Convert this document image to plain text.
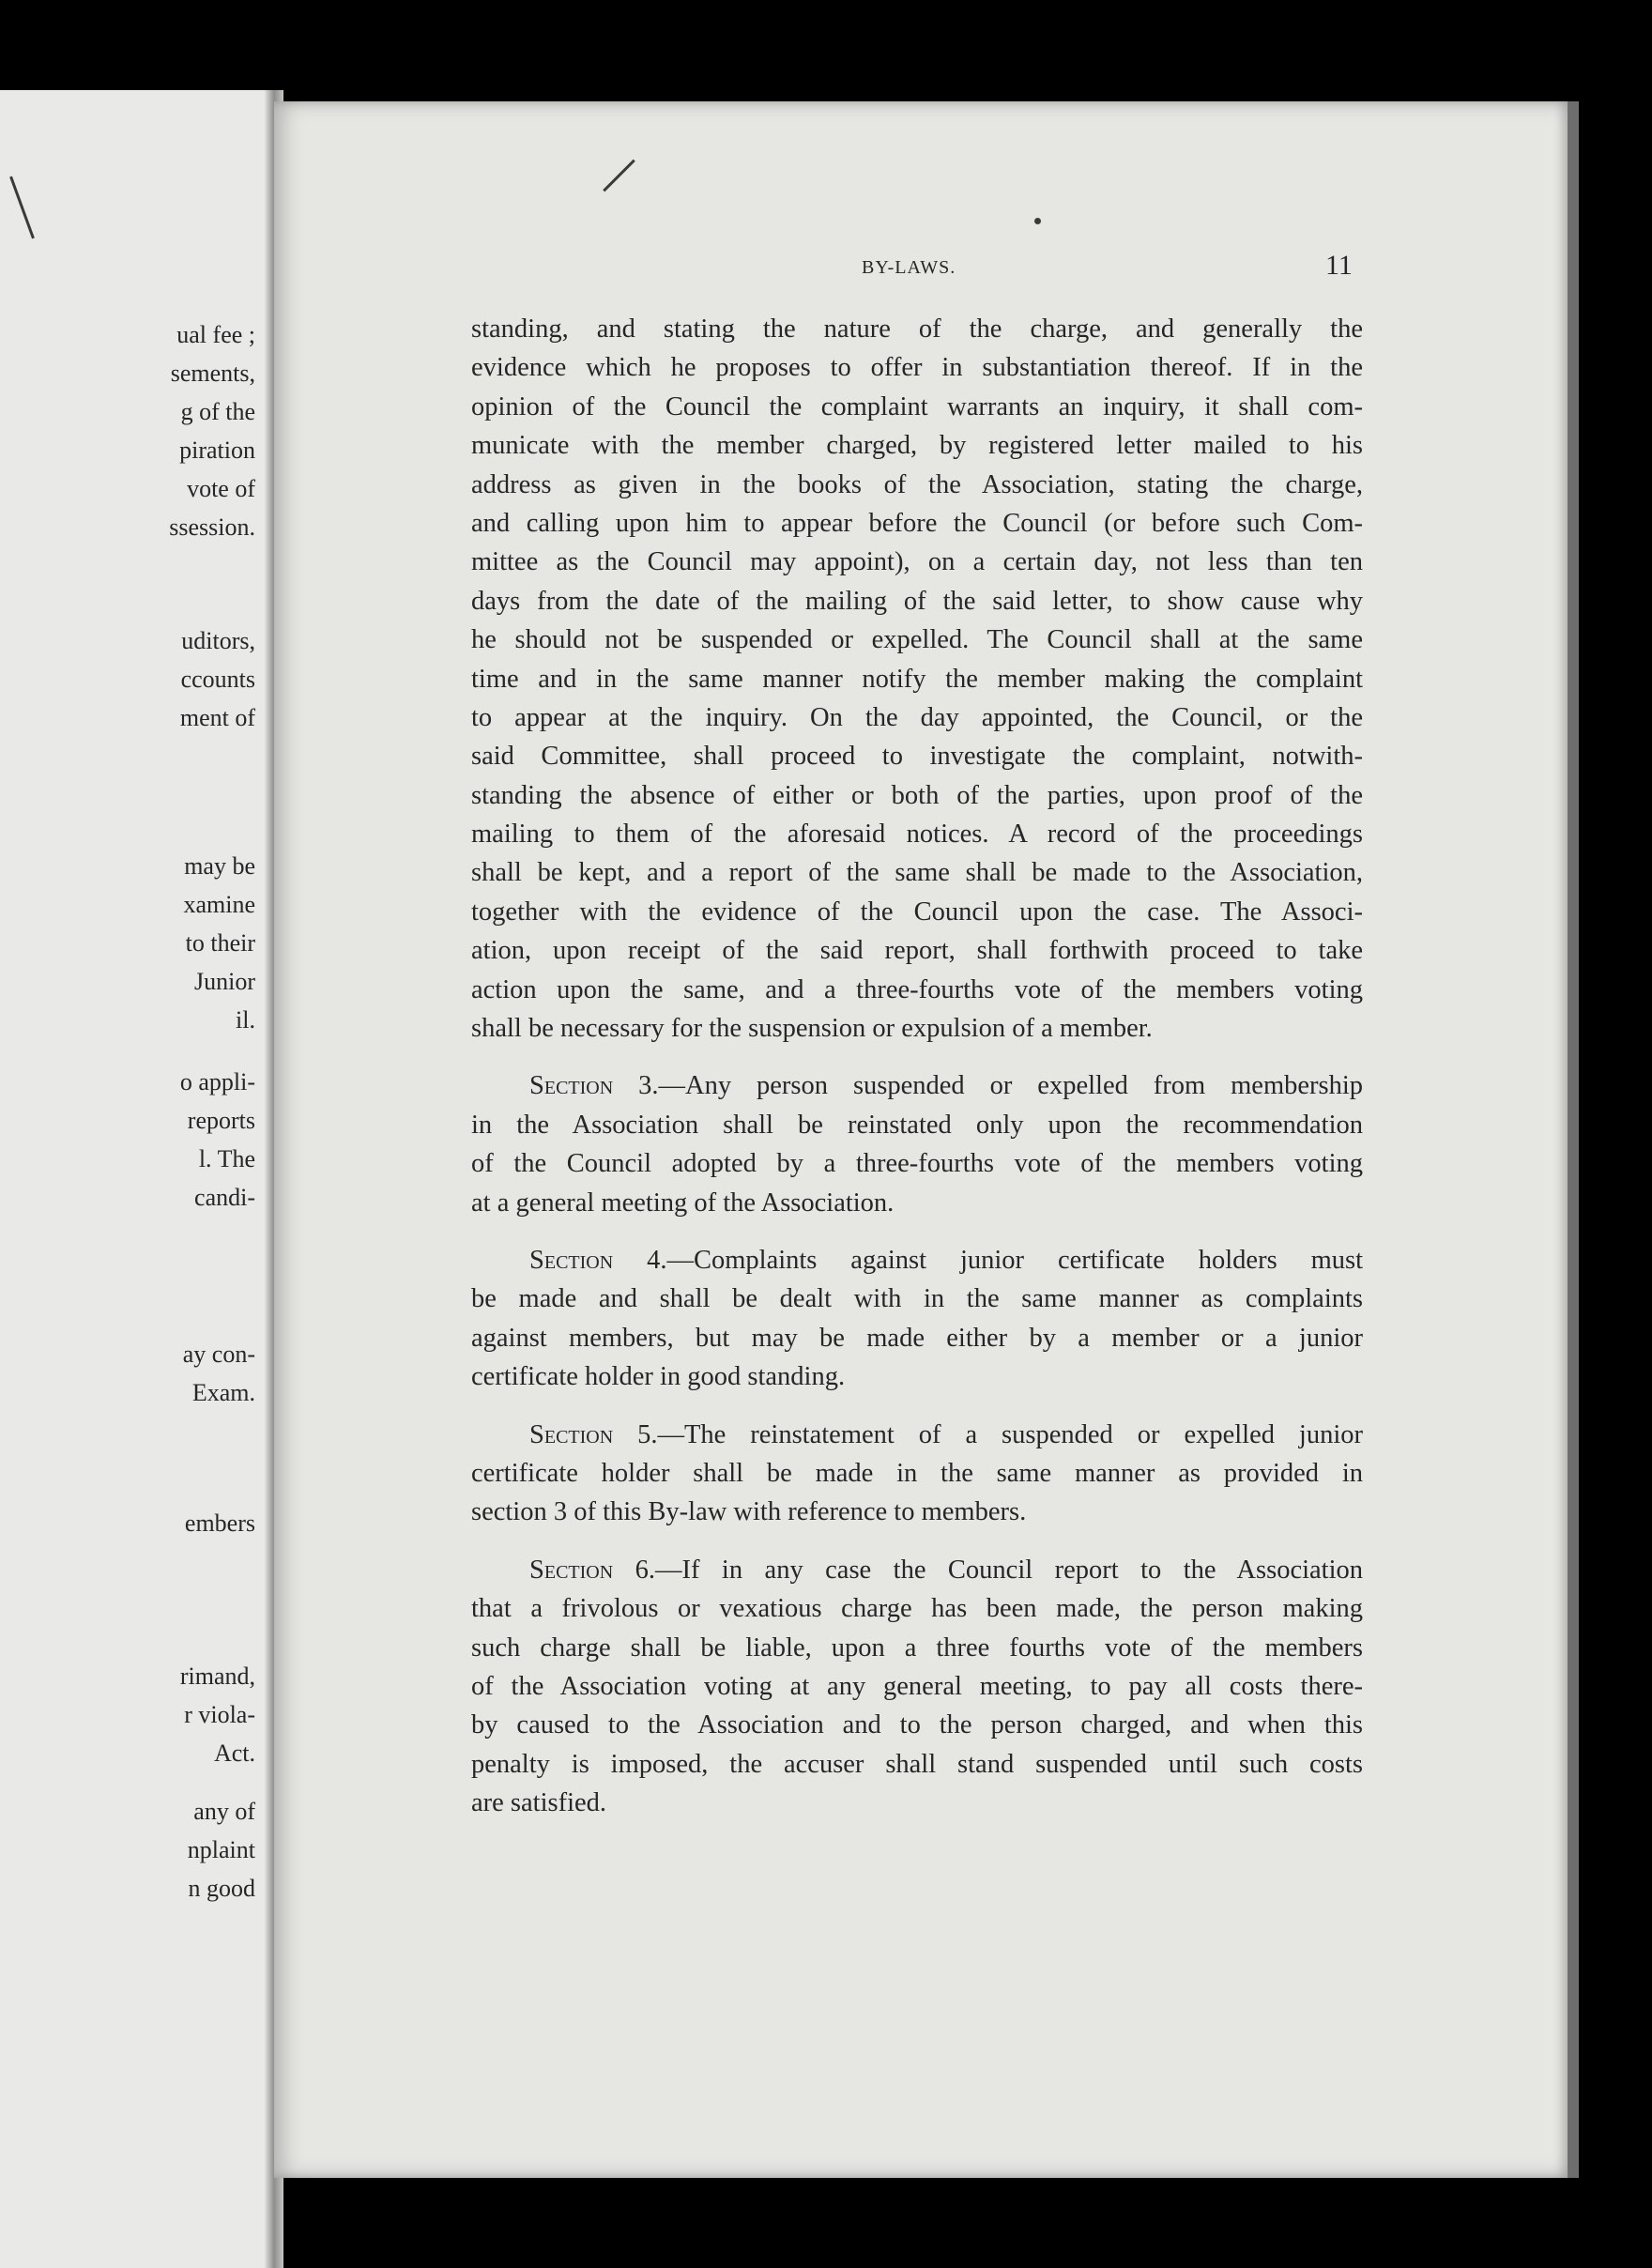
ual fee ;
sements,
g of the
piration
vote of
ssession.
uditors,
ccounts
ment of
may be
xamine
to their
Junior
il.
o appli-
reports
l. The
candi-
ay con-
Exam.
embers
rimand,
r viola-
Act.
any of
nplaint
n good
BY-LAWS.	11
standing, and stating the nature of the charge, and generally the
evidence which he proposes to offer in substantiation thereof. If in the
opinion of the Council the complaint warrants an inquiry, it shall com-
municate with the member charged, by registered letter mailed to his
address as given in the books of the Association, stating the charge,
and calling upon him to appear before the Council (or before such Com-
mittee as the Council may appoint), on a certain day, not less than ten
days from the date of the mailing of the said letter, to show cause why
he should not be suspended or expelled. The Council shall at the same
time and in the same manner notify the member making the complaint
to appear at the inquiry. On the day appointed, the Council, or the
said Committee, shall proceed to investigate the complaint, notwith-
standing the absence of either or both of the parties, upon proof of the
mailing to them of the aforesaid notices. A record of the proceedings
shall be kept, and a report of the same shall be made to the Association,
together with the evidence of the Council upon the case. The Associ-
ation, upon receipt of the said report, shall forthwith proceed to take
action upon the same, and a three-fourths vote of the members voting
shall be necessary for the suspension or expulsion of a member.
Section 3.—Any person suspended or expelled from membership
in the Association shall be reinstated only upon the recommendation
of the Council adopted by a three-fourths vote of the members voting
at a general meeting of the Association.
Section 4.—Complaints against junior certificate holders must
be made and shall be dealt with in the same manner as complaints
against members, but may be made either by a member or a junior
certificate holder in good standing.
Section 5.—The reinstatement of a suspended or expelled junior
certificate holder shall be made in the same manner as provided in
section 3 of this By-law with reference to members.
Section 6.—If in any case the Council report to the Association
that a frivolous or vexatious charge has been made, the person making
such charge shall be liable, upon a three fourths vote of the members
of the Association voting at any general meeting, to pay all costs there-
by caused to the Association and to the person charged, and when this
penalty is imposed, the accuser shall stand suspended until such costs
are satisfied.
